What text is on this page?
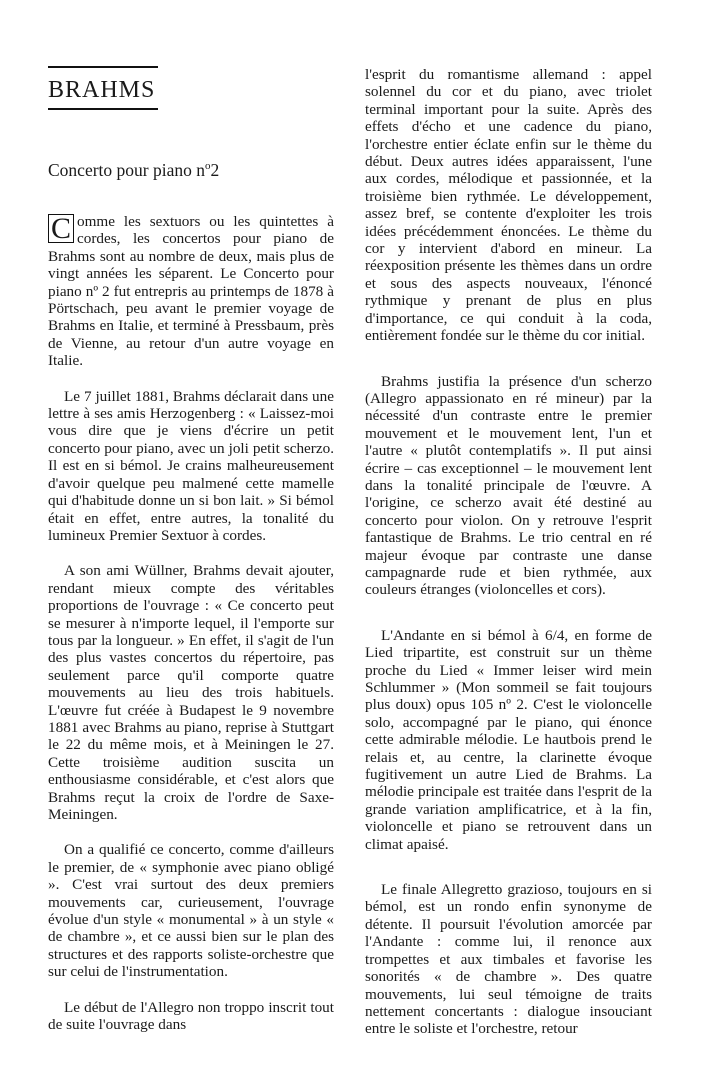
BRAHMS
Concerto pour piano $n^o2$

C omme les sextuors ou les quintettes à cordes, les concertos pour piano de Brahms sont au nombre de deux, mais plus de vingt années les séparent. Le Concerto pour piano nº 2 fut entrepris au printemps de 1878 à Pörtschach, peu avant le premier voyage de Brahms en Italie, et terminé à Pressbaum, près de Vienne, au retour d'un autre voyage en Italie.

Le 7 juillet 1881, Brahms déclarait dans une lettre à ses amis Herzogenberg : « Laissez-moi vous dire que je viens d'écrire un petit concerto pour piano, avec un joli petit scherzo. Il est en si bémol. Je crains malheureusement d'avoir quelque peu malmené cette mamelle qui d'habitude donne un si bon lait. » Si bémol était en effet, entre autres, la tonalité du lumineux Premier Sextuor à cordes.

A son ami Wüllner, Brahms devait ajouter, rendant mieux compte des véritables proportions de l'ouvrage : « Ce concerto peut se mesurer à n'importe lequel, il l'emporte sur tous par la longueur. » En effet, il s'agit de l'un des plus vastes concertos du répertoire, pas seulement parce qu'il comporte quatre mouvements au lieu des trois habituels. L'œuvre fut créée à Budapest le 9 novembre 1881 avec Brahms au piano, reprise à Stuttgart le 22 du même mois, et à Meiningen le 27. Cette troisième audition suscita un enthousiasme considérable, et c'est alors que Brahms reçut la croix de l'ordre de Saxe-Meiningen.

On a qualifié ce concerto, comme d'ailleurs le premier, de « symphonie avec piano obligé ». C'est vrai surtout des deux premiers mouvements car, curieusement, l'ouvrage évolue d'un style « monumental » à un style « de chambre », et ce aussi bien sur le plan des structures et des rapports soliste-orchestre que sur celui de l'instrumentation.

Le début de l'Allegro non troppo inscrit tout de suite l'ouvrage dans

l'esprit du romantisme allemand : appel solennel du cor et du piano, avec triolet terminal important pour la suite. Après des effets d'écho et une cadence du piano, l'orchestre entier éclate enfin sur le thème du début. Deux autres idées apparaissent, l'une aux cordes, mélodique et passionnée, et la troisième bien rythmée. Le développement, assez bref, se contente d'exploiter les trois idées précédemment énoncées. Le thème du cor y intervient d'abord en mineur. La réexposition présente les thèmes dans un ordre et sous des aspects nouveaux, l'énoncé rythmique y prenant de plus en plus d'importance, ce qui conduit à la coda, entièrement fondée sur le thème du cor initial.

Brahms justifia la présence d'un scherzo (Allegro appassionato en ré mineur) par la nécessité d'un contraste entre le premier mouvement et le mouvement lent, l'un et l'autre « plutôt contemplatifs ». Il put ainsi écrire – cas exceptionnel – le mouvement lent dans la tonalité principale de l'œuvre. A l'origine, ce scherzo avait été destiné au concerto pour violon. On y retrouve l'esprit fantastique de Brahms. Le trio central en ré majeur évoque par contraste une danse campagnarde rude et bien rythmée, aux couleurs étranges (violoncelles et cors).

L'Andante en si bémol à 6/4, en forme de Lied tripartite, est construit sur un thème proche du Lied « Immer leiser wird mein Schlummer » (Mon sommeil se fait toujours plus doux) opus 105 nº 2. C'est le violoncelle solo, accompagné par le piano, qui énonce cette admirable mélodie. Le hautbois prend le relais et, au centre, la clarinette évoque fugitivement un autre Lied de Brahms. La mélodie principale est traitée dans l'esprit de la grande variation amplificatrice, et à la fin, violoncelle et piano se retrouvent dans un climat apaisé.

Le finale Allegretto grazioso, toujours en si bémol, est un rondo enfin synonyme de détente. Il poursuit l'évolution amorcée par l'Andante : comme lui, il renonce aux trompettes et aux timbales et favorise les sonorités « de chambre ». Des quatre mouvements, lui seul témoigne de traits nettement concertants : dialogue insouciant entre le soliste et l'orchestre, retour
